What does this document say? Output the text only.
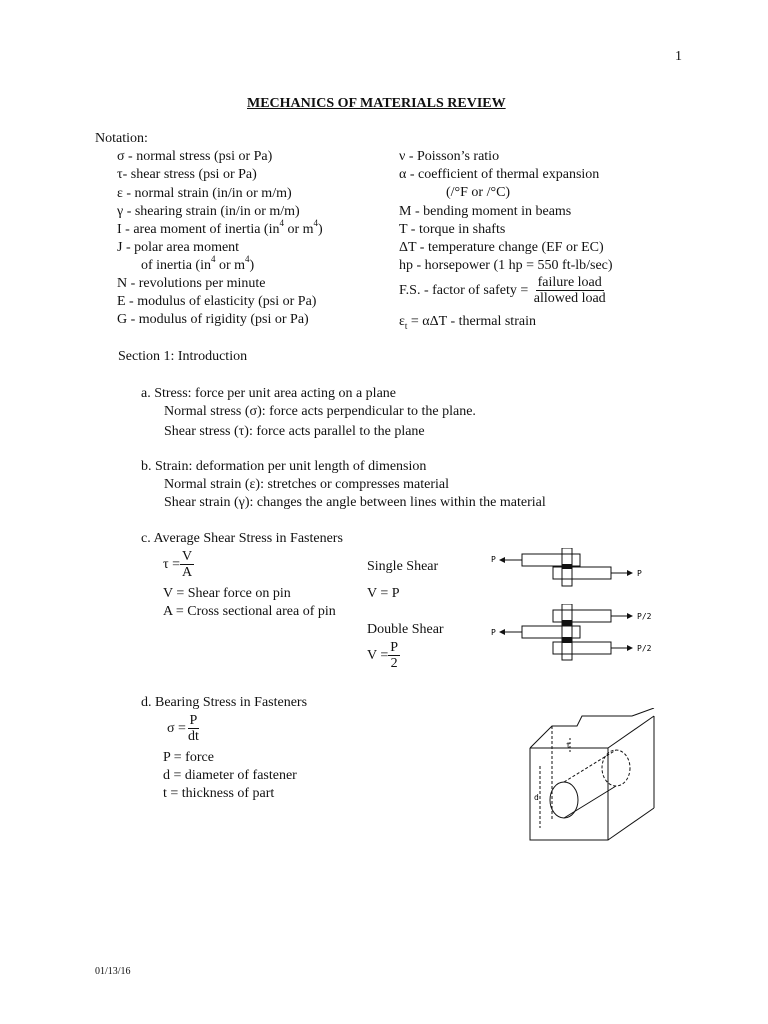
1
MECHANICS OF MATERIALS REVIEW
Notation:
σ - normal stress (psi or Pa)
τ- shear stress (psi or Pa)
ε - normal strain (in/in or m/m)
γ - shearing strain (in/in or m/m)
I - area moment of inertia ($in^4$ or $m^4$)
J - polar area moment
of inertia ($in^4$ or $m^4$)
N - revolutions per minute
E - modulus of elasticity (psi or Pa)
G - modulus of rigidity (psi or Pa)
ν - Poisson’s ratio
α - coefficient of thermal expansion
(/°F or /°C)
M - bending moment in beams
T - torque in shafts
ΔT - temperature change (EF or EC)
hp - horsepower (1 hp = 550 ft-lb/sec)
F.S. - factor of safety = $\frac{\text{failure load}}{\text{allowed load}}$
$\varepsilon_t = \alpha\Delta T$ - thermal strain
Section 1: Introduction
a. Stress: force per unit area acting on a plane
Normal stress (σ): force acts perpendicular to the plane.
Shear stress (τ): force acts parallel to the plane
b. Strain: deformation per unit length of dimension
Normal strain (ε): stretches or compresses material
Shear strain (γ): changes the angle between lines within the material
c. Average Shear Stress in Fasteners
$\tau = \frac{V}{A}$
V = Shear force on pin
A = Cross sectional area of pin
Single Shear
V = P
Double Shear
$V = \frac{P}{2}$
P
P
P
P/2
P/2
d. Bearing Stress in Fasteners
$\sigma = \frac{P}{dt}$
P = force
d = diameter of fastener
t = thickness of part	d
t
01/13/16
